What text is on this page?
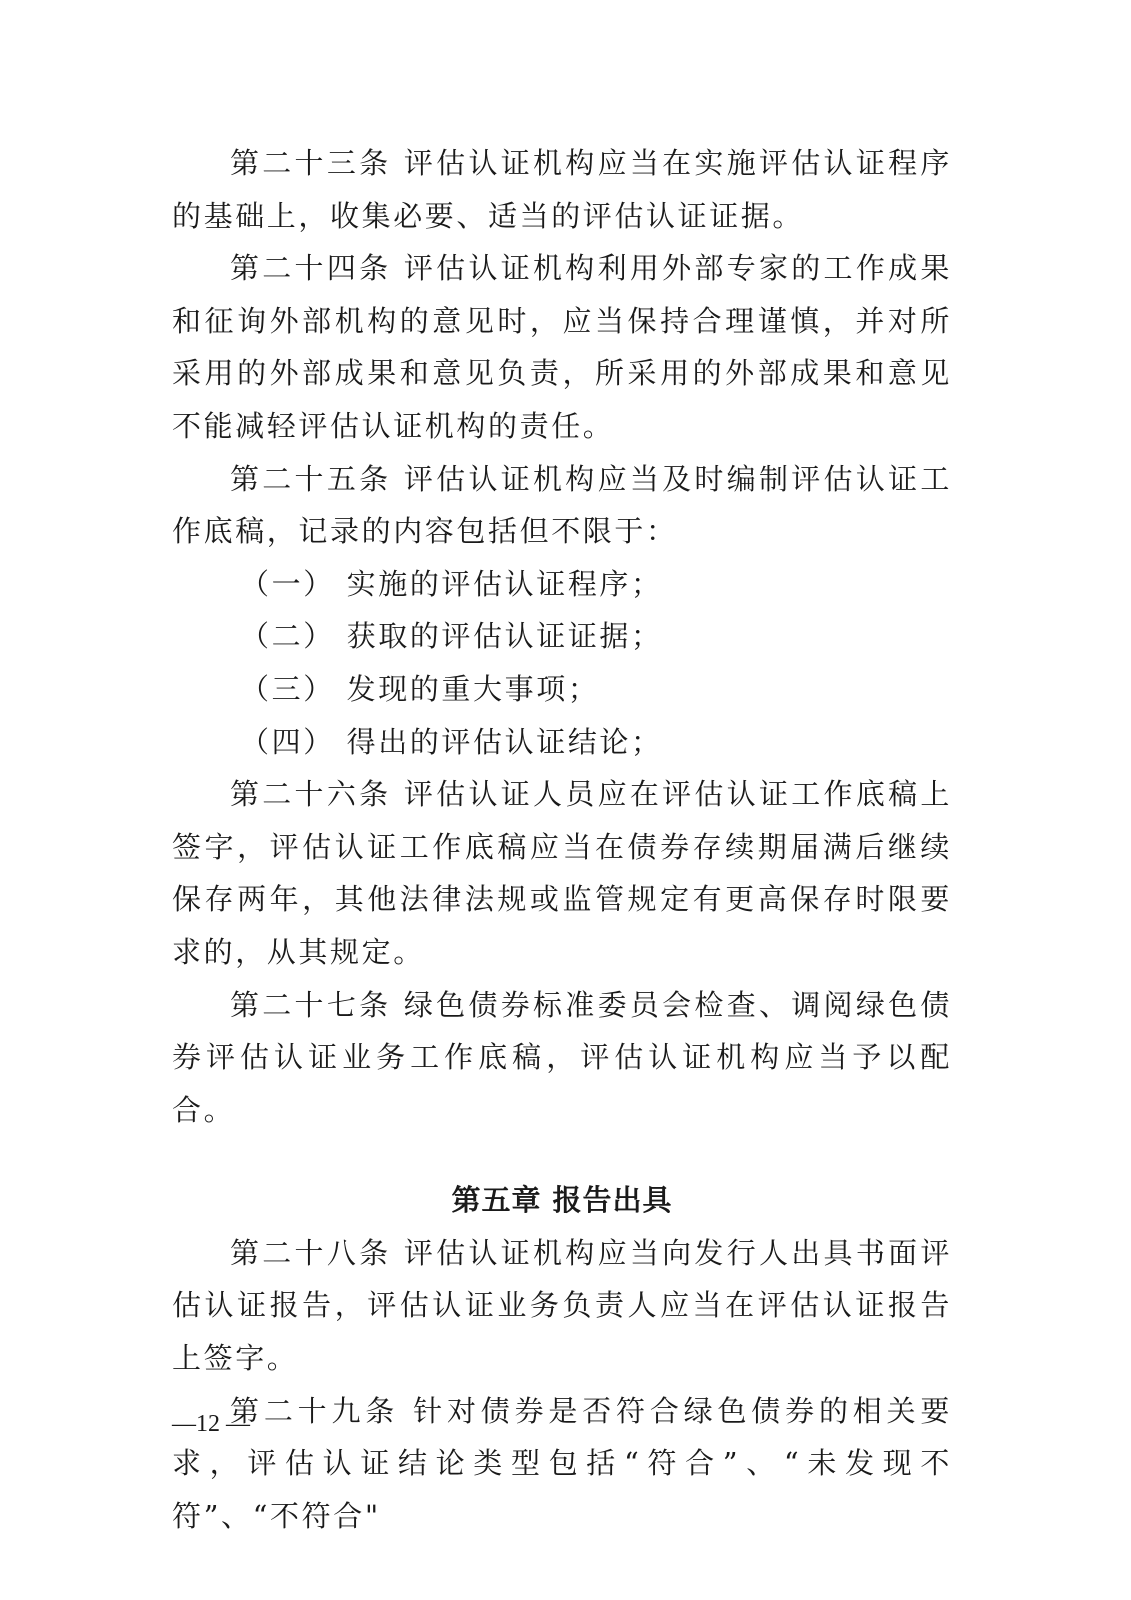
第二十三条 评估认证机构应当在实施评估认证程序的基础上，收集必要、适当的评估认证证据。

第二十四条 评估认证机构利用外部专家的工作成果和征询外部机构的意见时，应当保持合理谨慎，并对所采用的外部成果和意见负责，所采用的外部成果和意见不能减轻评估认证机构的责任。

第二十五条 评估认证机构应当及时编制评估认证工作底稿，记录的内容包括但不限于：

（一） 实施的评估认证程序；

（二） 获取的评估认证证据；

（三） 发现的重大事项；

（四） 得出的评估认证结论；

第二十六条 评估认证人员应在评估认证工作底稿上签字，评估认证工作底稿应当在债券存续期届满后继续保存两年，其他法律法规或监管规定有更高保存时限要求的，从其规定。

第二十七条 绿色债券标准委员会检查、调阅绿色债券评估认证业务工作底稿，评估认证机构应当予以配合。

第五章 报告出具

第二十八条 评估认证机构应当向发行人出具书面评估认证报告，评估认证业务负责人应当在评估认证报告上签字。

第二十九条 针对债券是否符合绿色债券的相关要求，评估认证结论类型包括“符合”、“未发现不符”、“不符合"

—12 —
